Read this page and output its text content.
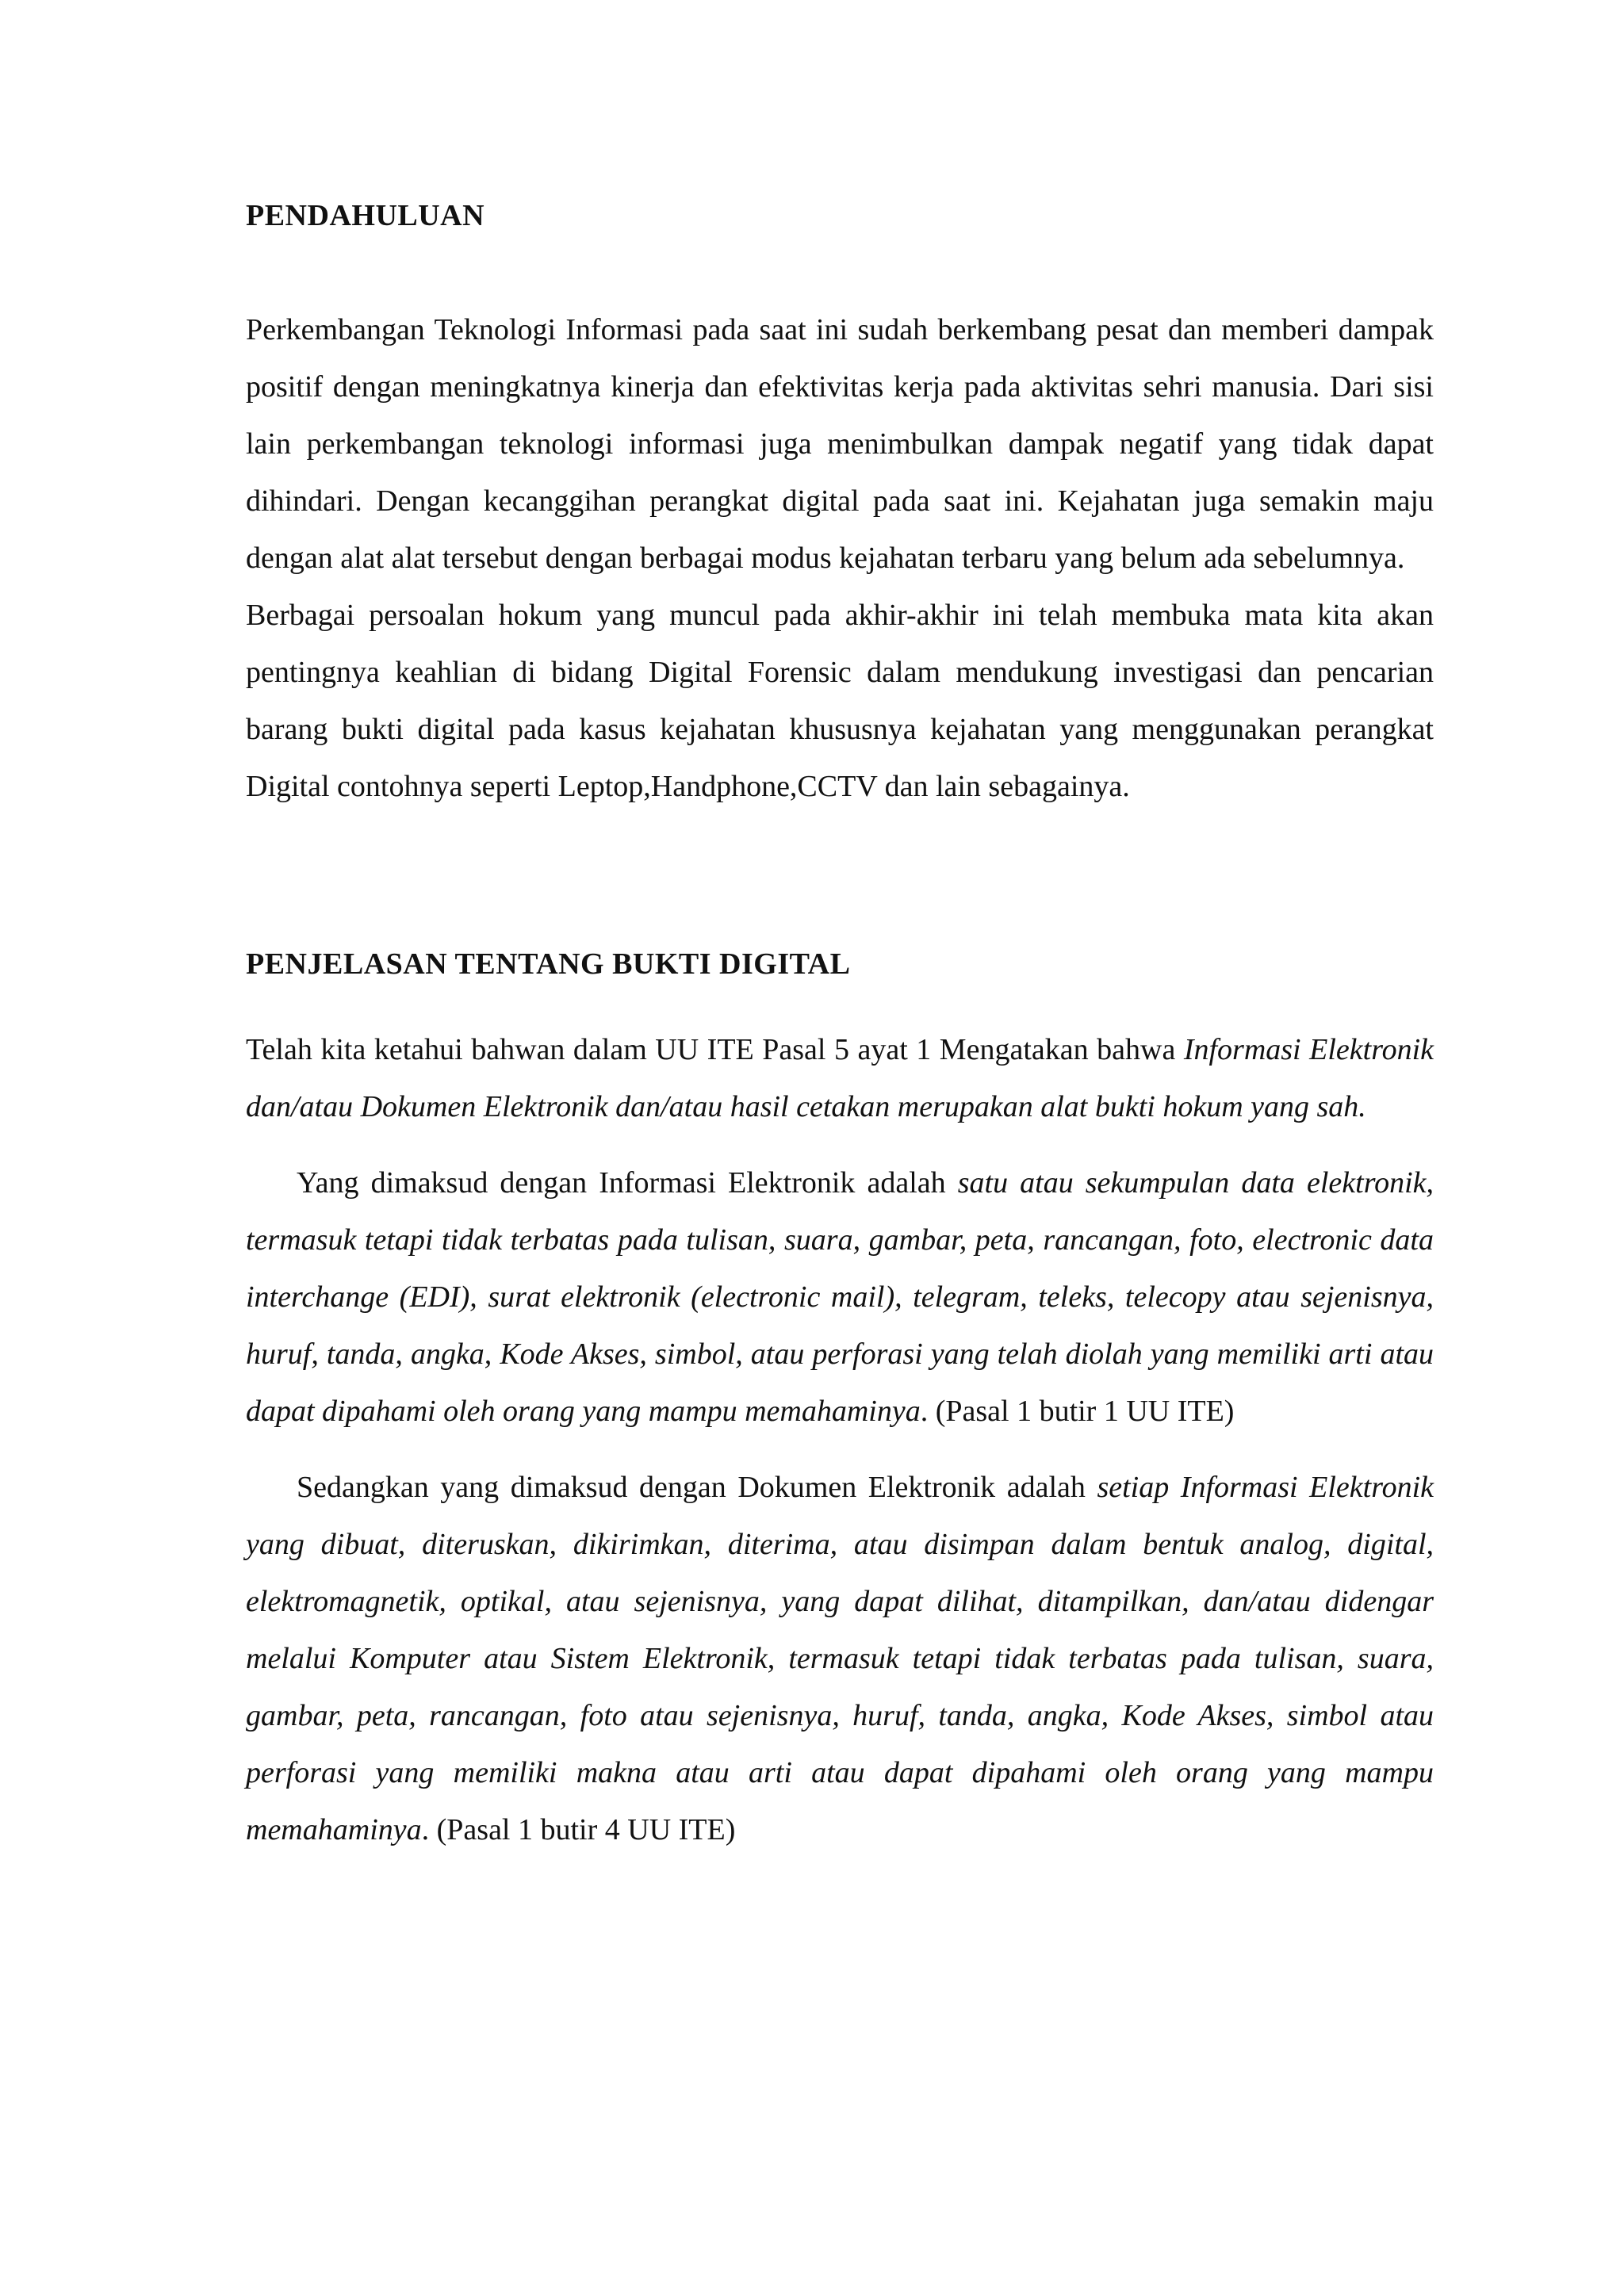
PENDAHULUAN

Perkembangan Teknologi Informasi pada saat ini sudah berkembang pesat dan memberi dampak positif dengan meningkatnya kinerja dan efektivitas kerja pada aktivitas sehri manusia. Dari sisi lain perkembangan teknologi informasi juga menimbulkan dampak negatif yang tidak dapat dihindari. Dengan kecanggihan perangkat digital pada saat ini. Kejahatan juga semakin maju dengan alat alat tersebut dengan berbagai modus kejahatan terbaru yang belum ada sebelumnya.

Berbagai persoalan hokum yang muncul pada akhir-akhir ini telah membuka mata kita akan pentingnya keahlian di bidang Digital Forensic dalam mendukung investigasi dan pencarian barang bukti digital pada kasus kejahatan khususnya kejahatan yang menggunakan perangkat Digital contohnya seperti Leptop,Handphone,CCTV dan lain sebagainya.

PENJELASAN TENTANG BUKTI DIGITAL

Telah kita ketahui bahwan dalam UU ITE Pasal 5 ayat 1 Mengatakan bahwa Informasi Elektronik dan/atau Dokumen Elektronik dan/atau hasil cetakan merupakan alat bukti hokum yang sah.

Yang dimaksud dengan Informasi Elektronik adalah satu atau sekumpulan data elektronik, termasuk tetapi tidak terbatas pada tulisan, suara, gambar, peta, rancangan, foto, electronic data interchange (EDI), surat elektronik (electronic mail), telegram, teleks, telecopy atau sejenisnya, huruf, tanda, angka, Kode Akses, simbol, atau perforasi yang telah diolah yang memiliki arti atau dapat dipahami oleh orang yang mampu memahaminya. (Pasal 1 butir 1 UU ITE)

Sedangkan yang dimaksud dengan Dokumen Elektronik adalah setiap Informasi Elektronik yang dibuat, diteruskan, dikirimkan, diterima, atau disimpan dalam bentuk analog, digital, elektromagnetik, optikal, atau sejenisnya, yang dapat dilihat, ditampilkan, dan/atau didengar melalui Komputer atau Sistem Elektronik, termasuk tetapi tidak terbatas pada tulisan, suara, gambar, peta, rancangan, foto atau sejenisnya, huruf, tanda, angka, Kode Akses, simbol atau perforasi yang memiliki makna atau arti atau dapat dipahami oleh orang yang mampu memahaminya. (Pasal 1 butir 4 UU ITE)
